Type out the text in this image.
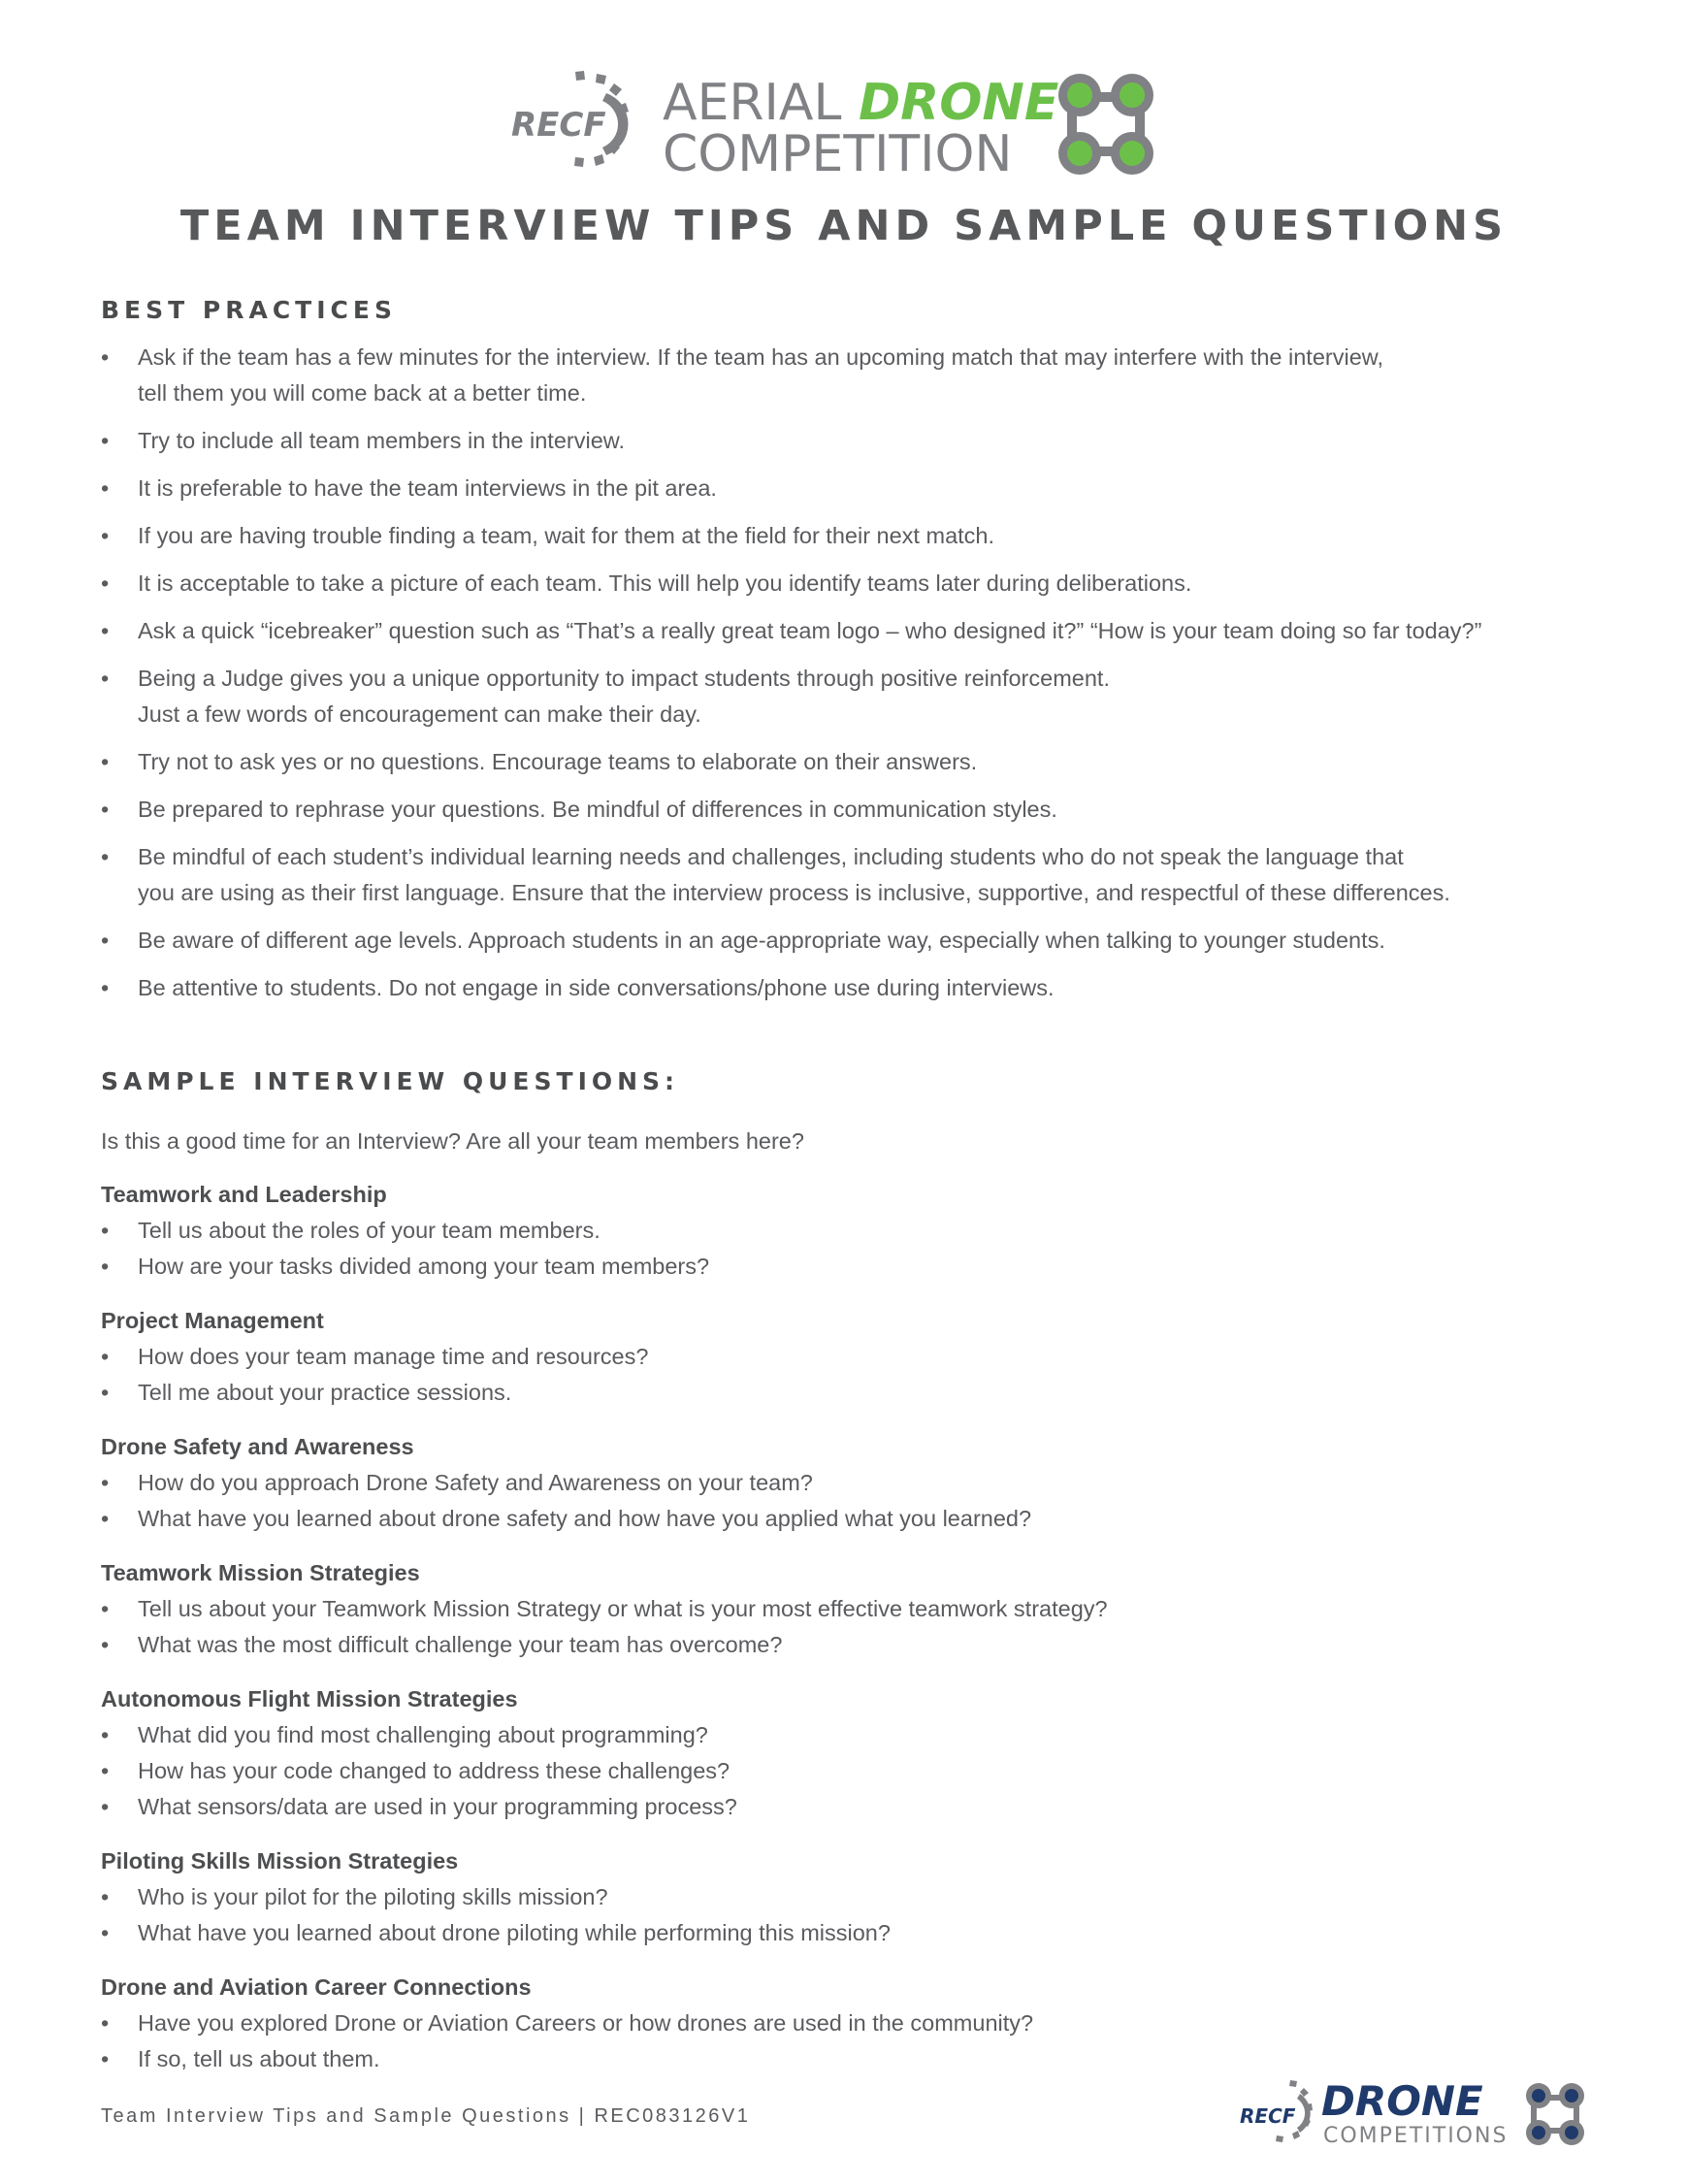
RECF AERIAL DRONE
COMPETITION
TEAM INTERVIEW TIPS AND SAMPLE QUESTIONS
BEST PRACTICES
• Ask if the team has a few minutes for the interview. If the team has an upcoming match that may interfere with the interview,
tell them you will come back at a better time.
• Try to include all team members in the interview.
• It is preferable to have the team interviews in the pit area.
• If you are having trouble finding a team, wait for them at the field for their next match.
• It is acceptable to take a picture of each team. This will help you identify teams later during deliberations.
• Ask a quick “icebreaker” question such as “That’s a really great team logo – who designed it?” “How is your team doing so far today?”
• Being a Judge gives you a unique opportunity to impact students through positive reinforcement.
Just a few words of encouragement can make their day.
• Try not to ask yes or no questions. Encourage teams to elaborate on their answers.
• Be prepared to rephrase your questions. Be mindful of differences in communication styles.
• Be mindful of each student’s individual learning needs and challenges, including students who do not speak the language that
you are using as their first language. Ensure that the interview process is inclusive, supportive, and respectful of these differences.
• Be aware of different age levels. Approach students in an age-appropriate way, especially when talking to younger students.
• Be attentive to students. Do not engage in side conversations/phone use during interviews.
SAMPLE INTERVIEW QUESTIONS:

Is this a good time for an Interview? Are all your team members here?

Teamwork and Leadership
• Tell us about the roles of your team members.
• How are your tasks divided among your team members?
Project Management
• How does your team manage time and resources?
• Tell me about your practice sessions.
Drone Safety and Awareness
• How do you approach Drone Safety and Awareness on your team?
• What have you learned about drone safety and how have you applied what you learned?
Teamwork Mission Strategies
• Tell us about your Teamwork Mission Strategy or what is your most effective teamwork strategy?
• What was the most difficult challenge your team has overcome?
Autonomous Flight Mission Strategies
• What did you find most challenging about programming?
• How has your code changed to address these challenges?
• What sensors/data are used in your programming process?
Piloting Skills Mission Strategies
• Who is your pilot for the piloting skills mission?
• What have you learned about drone piloting while performing this mission?
Drone and Aviation Career Connections
• Have you explored Drone or Aviation Careers or how drones are used in the community?
• If so, tell us about them.

Team Interview Tips and Sample Questions | REC083126V1	RECF DRONE
COMPETITIONS
